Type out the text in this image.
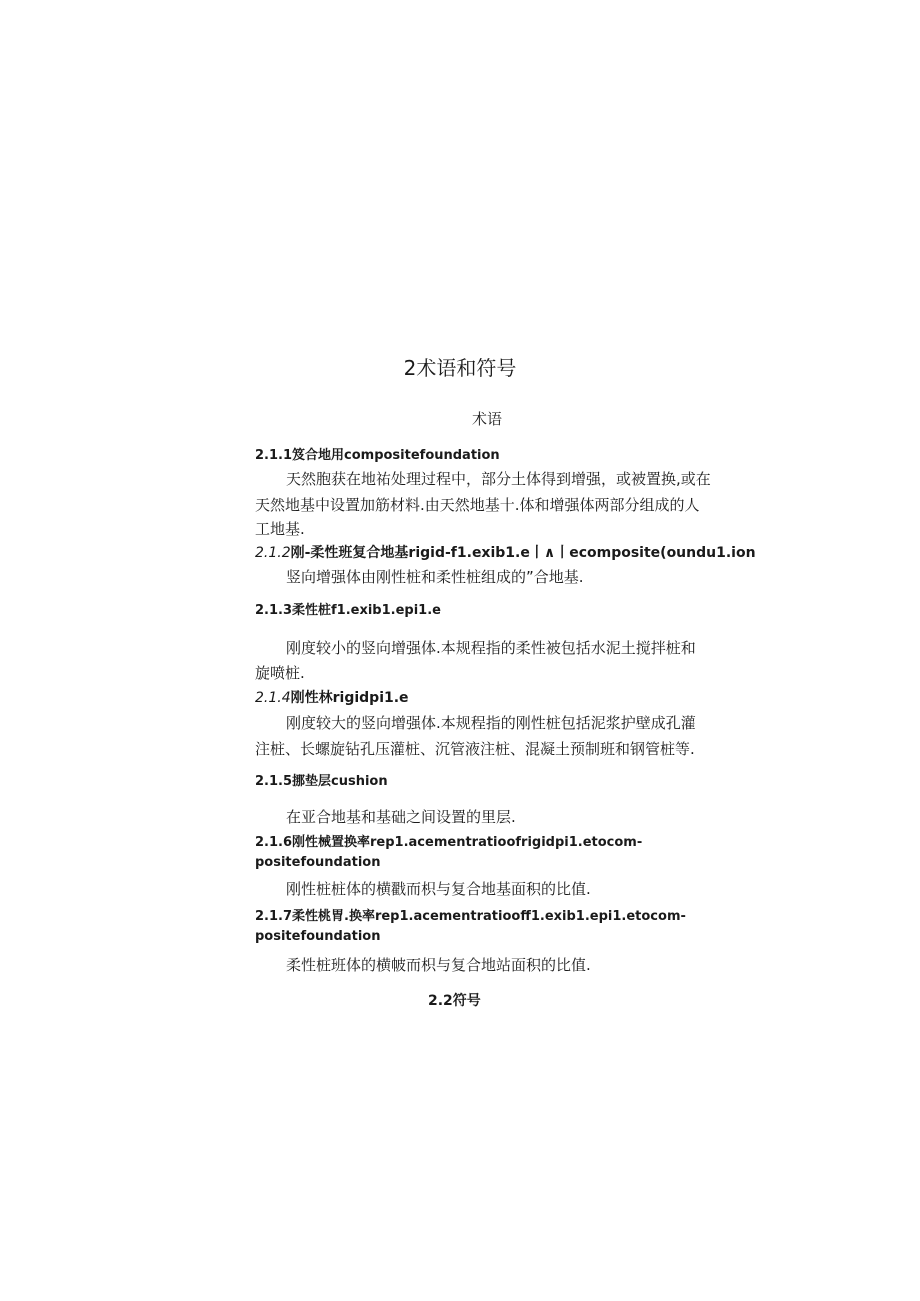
2术语和符号
术语
2.1.1笈合地用compositefoundation
天然胞获在地祐处理过程中，部分土体得到增强，或被置换,或在
天然地基中设置加筋材料.由天然地基十.体和增强体两部分组成的人
工地基.
2.1.2刚-柔性班复合地基rigid-f1.exib1.e丨∧丨ecomposite(oundu1.ion
竖向增强体由刚性桩和柔性桩组成的”合地基.
2.1.3柔性桩f1.exib1.epi1.e
刚度较小的竖向增强体.本规程指的柔性被包括水泥土搅拌桩和
旋喷桩.
2.1.4刚性林rigidpi1.e
刚度较大的竖向增强体.本规程指的刚性桩包括泥浆护壁成孔灌
注桩、长螺旋钻孔压灌桩、沉管液注桩、混凝土预制班和钢管桩等.
2.1.5挪垫层cushion
在亚合地基和基础之间设置的里层.
2.1.6刚性械置换率rep1.acementratioofrigidpi1.etocom-
positefoundation
刚性桩桩体的横戳而枳与复合地基面积的比值.
2.1.7柔性桃胃.换率rep1.acementratiooff1.exib1.epi1.etocom-
positefoundation
柔性桩班体的横帔而枳与复合地站面积的比值.
2.2符号
